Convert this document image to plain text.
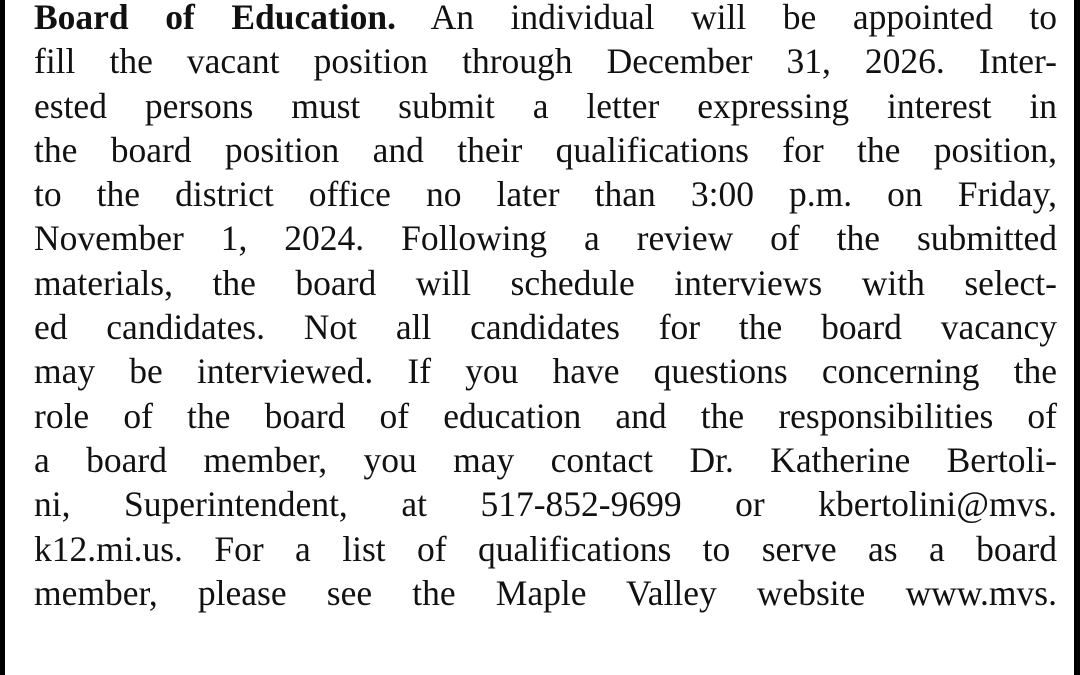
Board of Education. An individual will be appointed to
fill the vacant position through December 31, 2026. Inter-
ested persons must submit a letter expressing interest in
the board position and their qualifications for the position,
to the district office no later than 3:00 p.m. on Friday,
November 1, 2024. Following a review of the submitted
materials, the board will schedule interviews with select-
ed candidates. Not all candidates for the board vacancy
may be interviewed. If you have questions concerning the
role of the board of education and the responsibilities of
a board member, you may contact Dr. Katherine Bertoli-
ni, Superintendent, at 517-852-9699 or kbertolini@mvs.
k12.mi.us. For a list of qualifications to serve as a board
member, please see the Maple Valley website www.mvs.
